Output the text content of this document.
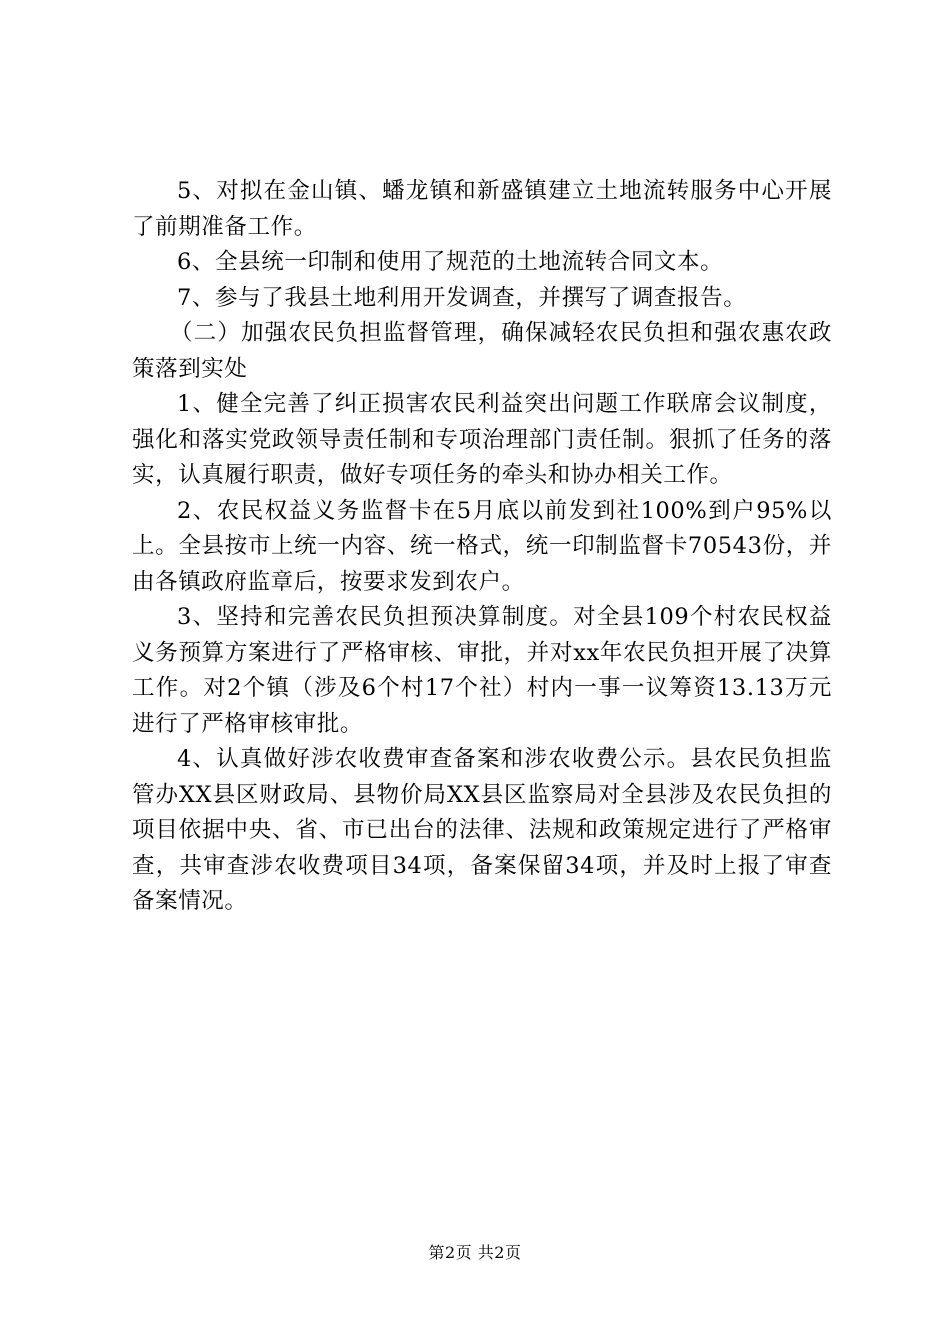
5、对拟在金山镇、蟠龙镇和新盛镇建立土地流转服务中心开展了前期准备工作。

6、全县统一印制和使用了规范的土地流转合同文本。

7、参与了我县土地利用开发调查，并撰写了调查报告。

（二）加强农民负担监督管理，确保减轻农民负担和强农惠农政策落到实处

1、健全完善了纠正损害农民利益突出问题工作联席会议制度，强化和落实党政领导责任制和专项治理部门责任制。狠抓了任务的落实，认真履行职责，做好专项任务的牵头和协办相关工作。

2、农民权益义务监督卡在5月底以前发到社100%到户95%以上。全县按市上统一内容、统一格式，统一印制监督卡70543份，并由各镇政府监章后，按要求发到农户。

3、坚持和完善农民负担预决算制度。对全县109个村农民权益义务预算方案进行了严格审核、审批，并对xx年农民负担开展了决算工作。对2个镇（涉及6个村17个社）村内一事一议筹资13.13万元进行了严格审核审批。

4、认真做好涉农收费审查备案和涉农收费公示。县农民负担监管办XX县区财政局、县物价局XX县区监察局对全县涉及农民负担的项目依据中央、省、市已出台的法律、法规和政策规定进行了严格审查，共审查涉农收费项目34项，备案保留34项，并及时上报了审查备案情况。

第2页 共2页
